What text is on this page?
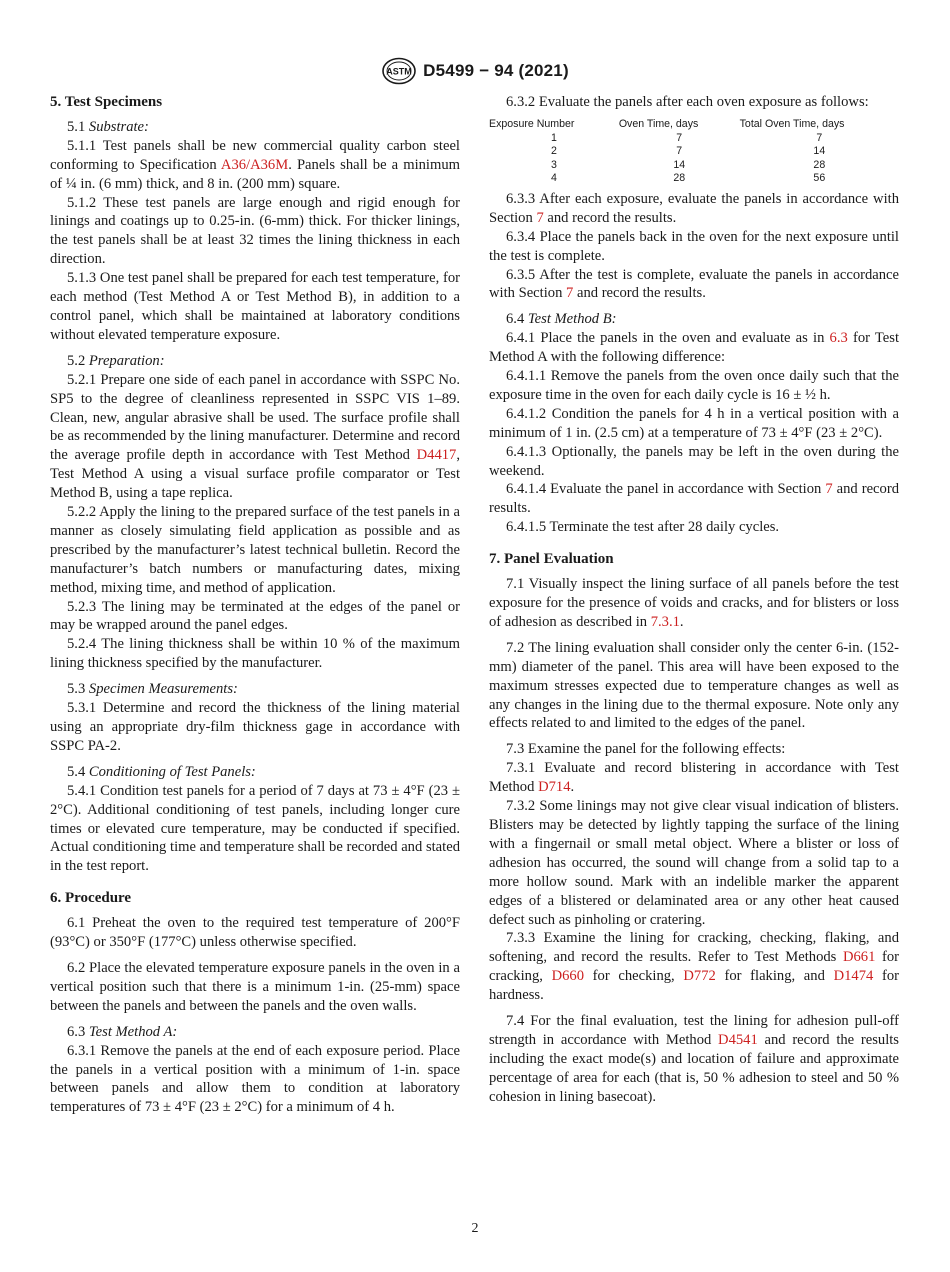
ASTM D5499 − 94 (2021)
5. Test Specimens

5.1 Substrate:

5.1.1 Test panels shall be new commercial quality carbon steel conforming to Specification A36/A36M. Panels shall be a minimum of ¼ in. (6 mm) thick, and 8 in. (200 mm) square.

5.1.2 These test panels are large enough and rigid enough for linings and coatings up to 0.25-in. (6-mm) thick. For thicker linings, the test panels shall be at least 32 times the lining thickness in each direction.

5.1.3 One test panel shall be prepared for each test temperature, for each method (Test Method A or Test Method B), in addition to a control panel, which shall be maintained at laboratory conditions without elevated temperature exposure.

5.2 Preparation:

5.2.1 Prepare one side of each panel in accordance with SSPC No. SP5 to the degree of cleanliness represented in SSPC VIS 1–89. Clean, new, angular abrasive shall be used. The surface profile shall be as recommended by the lining manufacturer. Determine and record the average profile depth in accordance with Test Method D4417, Test Method A using a visual surface profile comparator or Test Method B, using a tape replica.

5.2.2 Apply the lining to the prepared surface of the test panels in a manner as closely simulating field application as possible and as prescribed by the manufacturer’s latest technical bulletin. Record the manufacturer’s batch numbers or manufacturing dates, mixing method, mixing time, and method of application.

5.2.3 The lining may be terminated at the edges of the panel or may be wrapped around the panel edges.

5.2.4 The lining thickness shall be within 10 % of the maximum lining thickness specified by the manufacturer.

5.3 Specimen Measurements:

5.3.1 Determine and record the thickness of the lining material using an appropriate dry-film thickness gage in accordance with SSPC PA-2.

5.4 Conditioning of Test Panels:

5.4.1 Condition test panels for a period of 7 days at 73 ± 4°F (23 ± 2°C). Additional conditioning of test panels, including longer cure times or elevated cure temperature, may be conducted if specified. Actual conditioning time and temperature shall be recorded and stated in the test report.

6. Procedure

6.1 Preheat the oven to the required test temperature of 200°F (93°C) or 350°F (177°C) unless otherwise specified.

6.2 Place the elevated temperature exposure panels in the oven in a vertical position such that there is a minimum 1-in. (25-mm) space between the panels and between the panels and the oven walls.

6.3 Test Method A:

6.3.1 Remove the panels at the end of each exposure period. Place the panels in a vertical position with a minimum of 1-in. space between panels and allow them to condition at laboratory temperatures of 73 ± 4°F (23 ± 2°C) for a minimum of 4 h.

6.3.2 Evaluate the panels after each oven exposure as follows:

Exposure Number	Oven Time, days	Total Oven Time, days
1	7	7
2	7	14
3	14	28
4	28	56

6.3.3 After each exposure, evaluate the panels in accordance with Section 7 and record the results.

6.3.4 Place the panels back in the oven for the next exposure until the test is complete.

6.3.5 After the test is complete, evaluate the panels in accordance with Section 7 and record the results.

6.4 Test Method B:

6.4.1 Place the panels in the oven and evaluate as in 6.3 for Test Method A with the following difference:

6.4.1.1 Remove the panels from the oven once daily such that the exposure time in the oven for each daily cycle is 16 ± ½ h.

6.4.1.2 Condition the panels for 4 h in a vertical position with a minimum of 1 in. (2.5 cm) at a temperature of 73 ± 4°F (23 ± 2°C).

6.4.1.3 Optionally, the panels may be left in the oven during the weekend.

6.4.1.4 Evaluate the panel in accordance with Section 7 and record results.

6.4.1.5 Terminate the test after 28 daily cycles.

7. Panel Evaluation

7.1 Visually inspect the lining surface of all panels before the test exposure for the presence of voids and cracks, and for blisters or loss of adhesion as described in 7.3.1.

7.2 The lining evaluation shall consider only the center 6-in. (152-mm) diameter of the panel. This area will have been exposed to the maximum stresses expected due to temperature changes as well as any changes in the lining due to the thermal exposure. Note only any effects related to and limited to the edges of the panel.

7.3 Examine the panel for the following effects:

7.3.1 Evaluate and record blistering in accordance with Test Method D714.

7.3.2 Some linings may not give clear visual indication of blisters. Blisters may be detected by lightly tapping the surface of the lining with a fingernail or small metal object. Where a blister or loss of adhesion has occurred, the sound will change from a solid tap to a more hollow sound. Mark with an indelible marker the apparent edges of a blistered or delaminated area or any other heat caused defect such as pinholing or cratering.

7.3.3 Examine the lining for cracking, checking, flaking, and softening, and record the results. Refer to Test Methods D661 for cracking, D660 for checking, D772 for flaking, and D1474 for hardness.

7.4 For the final evaluation, test the lining for adhesion pull-off strength in accordance with Method D4541 and record the results including the exact mode(s) and location of failure and approximate percentage of area for each (that is, 50 % adhesion to steel and 50 % cohesion in lining basecoat).

2
